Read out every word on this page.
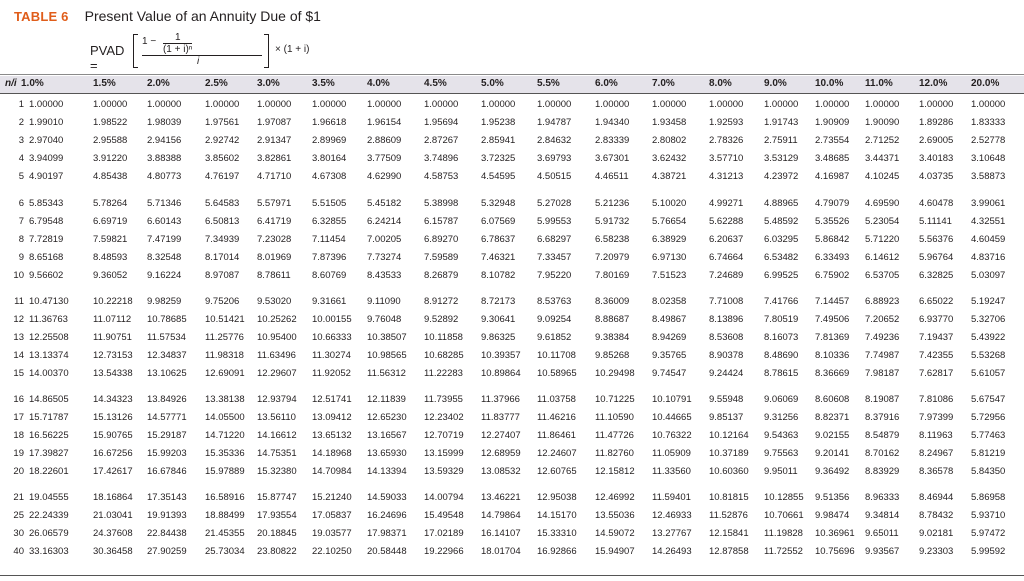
TABLE 6 Present Value of an Annuity Due of $1
PVAD =
$1 - \frac{1}{\text{(1 + i)ⁿ}}$
i
× (1 + i)
n/i 1.0%	1.5%	2.0%	2.5%	3.0%	3.5%	4.0%	4.5%	5.0%	5.5%	6.0%	7.0%	8.0%	9.0%	10.0% 11.0%	12.0% 20.0%
1 1.00000	1.00000 1.00000 1.00000 1.00000 1.00000 1.00000 1.00000 1.00000 1.00000 1.00000 1.00000 1.00000 1.00000 1.00000 1.00000 1.00000 1.00000
2 1.99010	1.98522 1.98039 1.97561 1.97087 1.96618 1.96154 1.95694 1.95238 1.94787 1.94340 1.93458 1.92593 1.91743 1.90909 1.90090 1.89286 1.83333
3 2.97040	2.95588 2.94156 2.92742 2.91347 2.89969 2.88609 2.87267 2.85941 2.84632 2.83339 2.80802 2.78326 2.75911 2.73554 2.71252 2.69005 2.52778
4 3.94099	3.91220 3.88388 3.85602 3.82861 3.80164 3.77509 3.74896 3.72325 3.69793 3.67301 3.62432 3.57710 3.53129 3.48685 3.44371 3.40183 3.10648
5 4.90197	4.85438 4.80773 4.76197 4.71710 4.67308 4.62990 4.58753 4.54595 4.50515 4.46511 4.38721 4.31213 4.23972 4.16987 4.10245 4.03735 3.58873
6 5.85343	5.78264 5.71346 5.64583 5.57971 5.51505 5.45182 5.38998 5.32948 5.27028 5.21236 5.10020 4.99271 4.88965 4.79079 4.69590 4.60478 3.99061
7 6.79548	6.69719 6.60143 6.50813 6.41719 6.32855 6.24214 6.15787 6.07569 5.99553 5.91732 5.76654 5.62288 5.48592 5.35526 5.23054 5.11141 4.32551
8 7.72819	7.59821 7.47199 7.34939 7.23028 7.11454 7.00205 6.89270 6.78637 6.68297 6.58238 6.38929 6.20637 6.03295 5.86842 5.71220 5.56376 4.60459
9 8.65168	8.48593 8.32548 8.17014 8.01969 7.87396 7.73274 7.59589 7.46321 7.33457 7.20979 6.97130 6.74664 6.53482 6.33493 6.14612 5.96764 4.83716
10 9.56602	9.36052 9.16224 8.97087 8.78611 8.60769 8.43533 8.26879 8.10782 7.95220 7.80169 7.51523 7.24689 6.99525 6.75902 6.53705 6.32825 5.03097
11 10.47130	10.22218 9.98259 9.75206 9.53020 9.31661 9.11090 8.91272 8.72173 8.53763 8.36009 8.02358 7.71008 7.41766 7.14457 6.88923 6.65022 5.19247
12 11.36763	11.07112 10.78685 10.51421 10.25262 10.00155 9.76048 9.52892 9.30641 9.09254 8.88687 8.49867 8.13896 7.80519 7.49506 7.20652 6.93770 5.32706
13 12.25508	11.90751 11.57534 11.25776 10.95400 10.66333 10.38507 10.11858 9.86325 9.61852 9.38384 8.94269 8.53608 8.16073 7.81369 7.49236 7.19437 5.43922
14 13.13374	12.73153 12.34837 11.98318 11.63496 11.30274 10.98565 10.68285 10.39357 10.11708 9.85268 9.35765 8.90378 8.48690 8.10336 7.74987 7.42355 5.53268
15 14.00370	13.54338 13.10625 12.69091 12.29607 11.92052 11.56312 11.22283 10.89864 10.58965 10.29498 9.74547 9.24424 8.78615 8.36669 7.98187 7.62817 5.61057
16 14.86505	14.34323 13.84926 13.38138 12.93794 12.51741 12.11839 11.73955 11.37966 11.03758 10.71225 10.10791 9.55948 9.06069 8.60608 8.19087 7.81086 5.67547
17 15.71787	15.13126 14.57771 14.05500 13.56110 13.09412 12.65230 12.23402 11.83777 11.46216 11.10590 10.44665 9.85137 9.31256 8.82371 8.37916 7.97399 5.72956
18 16.56225	15.90765 15.29187 14.71220 14.16612 13.65132 13.16567 12.70719 12.27407 11.86461 11.47726 10.76322 10.12164 9.54363 9.02155 8.54879 8.11963 5.77463
19 17.39827	16.67256 15.99203 15.35336 14.75351 14.18968 13.65930 13.15999 12.68959 12.24607 11.82760 11.05909 10.37189 9.75563 9.20141 8.70162 8.24967 5.81219
20 18.22601	17.42617 16.67846 15.97889 15.32380 14.70984 14.13394 13.59329 13.08532 12.60765 12.15812 11.33560 10.60360 9.95011 9.36492 8.83929 8.36578 5.84350
21 19.04555	18.16864 17.35143 16.58916 15.87747 15.21240 14.59033 14.00794 13.46221 12.95038 12.46992 11.59401 10.81815 10.12855 9.51356 8.96333 8.46944 5.86958
25 22.24339	21.03041 19.91393 18.88499 17.93554 17.05837 16.24696 15.49548 14.79864 14.15170 13.55036 12.46933 11.52876 10.70661 9.98474 9.34814 8.78432 5.93710
30 26.06579	24.37608 22.84438 21.45355 20.18845 19.03577 17.98371 17.02189 16.14107 15.33310 14.59072 13.27767 12.15841 11.19828 10.36961 9.65011 9.02181 5.97472
40 33.16303	30.36458 27.90259 25.73034 23.80822 22.10250 20.58448 19.22966 18.01704 16.92866 15.94907 14.26493 12.87858 11.72552 10.75696 9.93567 9.23303 5.99592
